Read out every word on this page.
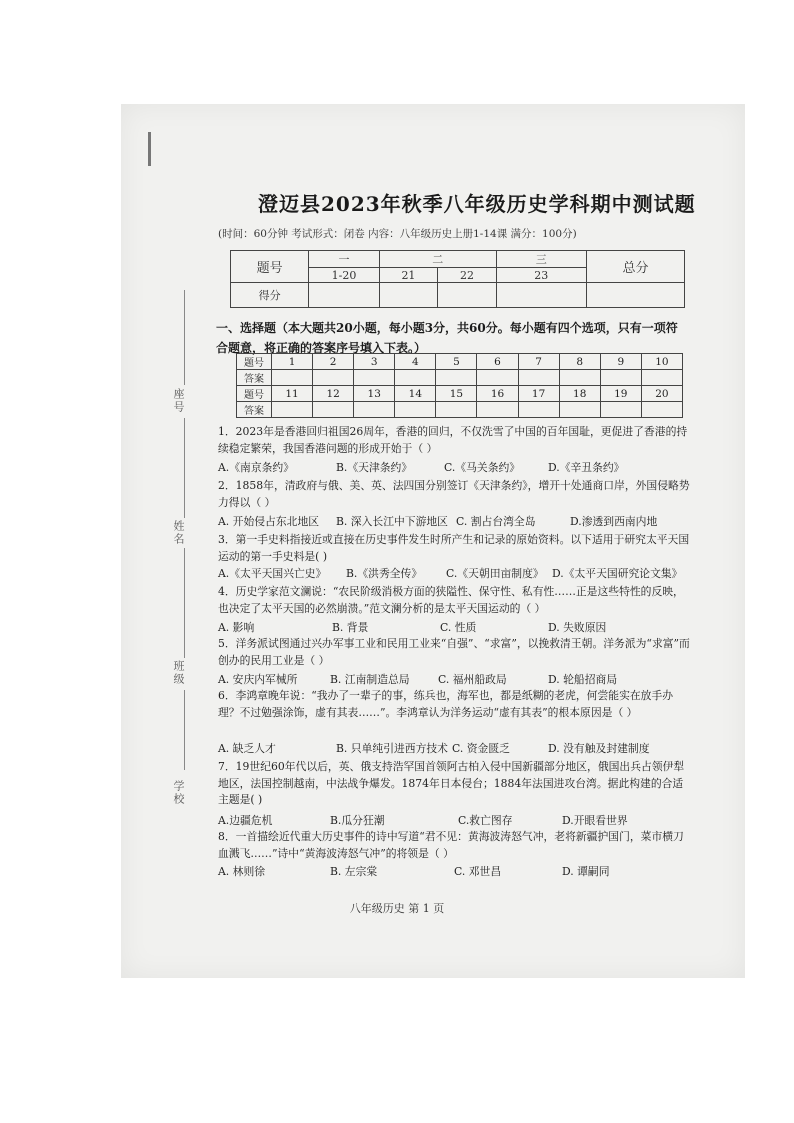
座号
姓名
班级
学校
澄迈县2023年秋季八年级历史学科期中测试题
(时间：60分钟 考试形式：闭卷 内容：八年级历史上册1-14课 满分：100分)
题号	一	二		三	总分
	1-20	21	22	23	
得分					
一、选择题（本大题共20小题，每小题3分，共60分。每小题有四个选项，只有一项符合题意，将正确的答案序号填入下表。）
题号	1	2	3	4	5	6	7	8	9	10
答案										
题号	11	12	13	14	15	16	17	18	19	20
答案										
1．2023年是香港回归祖国26周年，香港的回归，不仅洗雪了中国的百年国耻，更促进了香港的持续稳定繁荣，我国香港问题的形成开始于（ ）
A.《南京条约》	B.《天津条约》	C.《马关条约》	D.《辛丑条约》
2．1858年，清政府与俄、美、英、法四国分别签订《天津条约》，增开十处通商口岸，外国侵略势力得以（ ）
A. 开始侵占东北地区 B. 深入长江中下游地区 C. 割占台湾全岛	D.渗透到西南内地
3．第一手史料指接近或直接在历史事件发生时所产生和记录的原始资料。以下适用于研究太平天国运动的第一手史料是( )
A.《太平天国兴亡史》 B.《洪秀全传》 C.《天朝田亩制度》 D.《太平天国研究论文集》
4．历史学家范文澜说：“农民阶级消极方面的狭隘性、保守性、私有性……正是这些特性的反映，也决定了太平天国的必然崩溃。”范文澜分析的是太平天国运动的（ ）
A. 影响	B. 背景	C. 性质	D. 失败原因
5．洋务派试图通过兴办军事工业和民用工业来“自强”、“求富”，以挽救清王朝。洋务派为“求富”而创办的民用工业是（ ）
A. 安庆内军械所	B. 江南制造总局	C. 福州船政局	D. 轮船招商局
6．李鸿章晚年说：“我办了一辈子的事，练兵也，海军也，都是纸糊的老虎，何尝能实在放手办理？不过勉强涂饰，虚有其表……”。李鸿章认为洋务运动“虚有其表”的根本原因是（ ）
A. 缺乏人才	B. 只单纯引进西方技术 C. 资金匮乏	D. 没有触及封建制度
7．19世纪60年代以后，英、俄支持浩罕国首领阿古柏入侵中国新疆部分地区，俄国出兵占领伊犁地区，法国控制越南，中法战争爆发。1874年日本侵台；1884年法国进攻台湾。据此构建的合适主题是( )
A.边疆危机	B.瓜分狂潮	C.救亡图存	D.开眼看世界
8．一首描绘近代重大历史事件的诗中写道“君不见：黄海波涛怒气冲，老将新疆护国门，菜市横刀血溅飞……”诗中“黄海波涛怒气冲”的将领是（ ）
A. 林则徐	B. 左宗棠	C. 邓世昌	D. 谭嗣同
八年级历史 第 1 页
